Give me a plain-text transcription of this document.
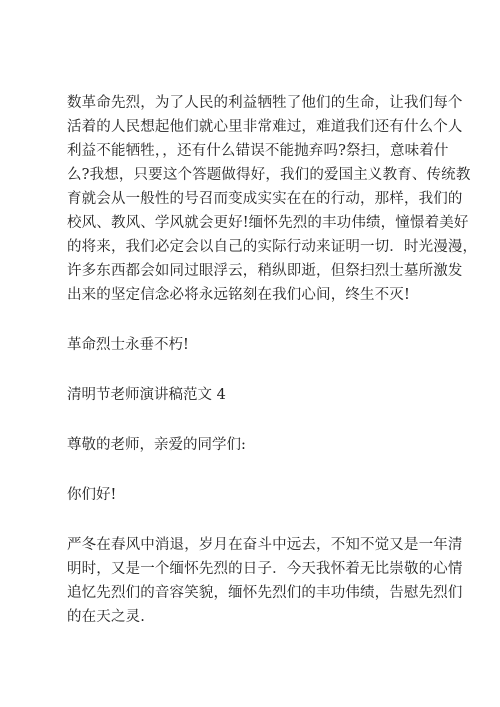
数革命先烈，为了人民的利益牺牲了他们的生命，让我们每个
活着的人民想起他们就心里非常难过，难道我们还有什么个人
利益不能牺牲，，还有什么错误不能抛弃吗?祭扫，意味着什
么?我想，只要这个答题做得好，我们的爱国主义教育、传统教
育就会从一般性的号召而变成实实在在的行动，那样，我们的
校风、教风、学风就会更好!缅怀先烈的丰功伟绩，憧憬着美好
的将来，我们必定会以自己的实际行动来证明一切．时光漫漫，
许多东西都会如同过眼浮云，稍纵即逝，但祭扫烈士墓所激发
出来的坚定信念必将永远铭刻在我们心间，终生不灭!
革命烈士永垂不朽!
清明节老师演讲稿范文 4
尊敬的老师，亲爱的同学们:
你们好!
严冬在春风中消退，岁月在奋斗中远去，不知不觉又是一年清
明时，又是一个缅怀先烈的日子．今天我怀着无比崇敬的心情
追忆先烈们的音容笑貌，缅怀先烈们的丰功伟绩，告慰先烈们
的在天之灵.
